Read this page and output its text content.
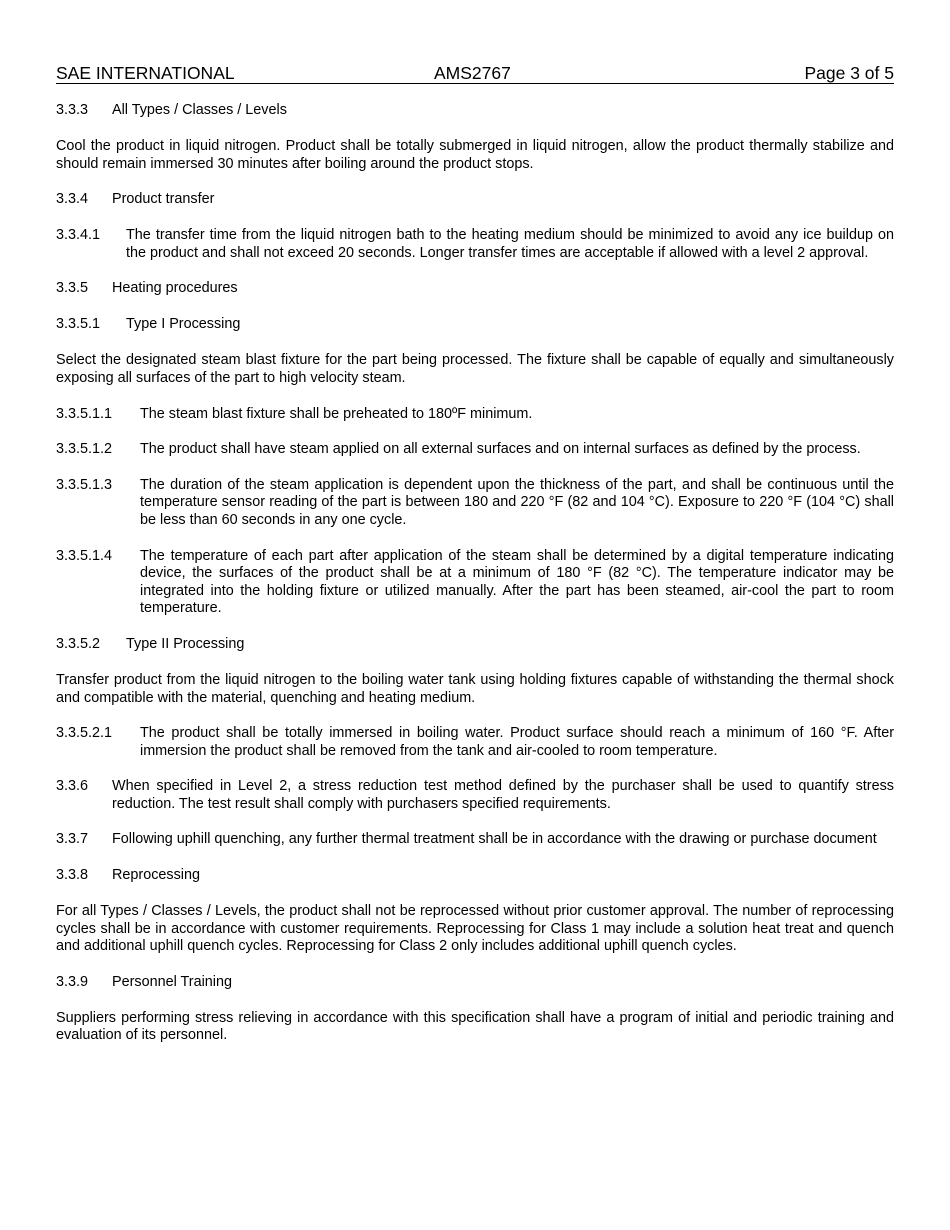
SAE INTERNATIONAL	AMS2767	Page 3 of 5
3.3.3 All Types / Classes / Levels
Cool the product in liquid nitrogen. Product shall be totally submerged in liquid nitrogen, allow the product thermally stabilize and should remain immersed 30 minutes after boiling around the product stops.
3.3.4 Product transfer
3.3.4.1 The transfer time from the liquid nitrogen bath to the heating medium should be minimized to avoid any ice buildup on the product and shall not exceed 20 seconds. Longer transfer times are acceptable if allowed with a level 2 approval.
3.3.5 Heating procedures
3.3.5.1 Type I Processing
Select the designated steam blast fixture for the part being processed. The fixture shall be capable of equally and simultaneously exposing all surfaces of the part to high velocity steam.
3.3.5.1.1 The steam blast fixture shall be preheated to 180ºF minimum.
3.3.5.1.2 The product shall have steam applied on all external surfaces and on internal surfaces as defined by the process.
3.3.5.1.3 The duration of the steam application is dependent upon the thickness of the part, and shall be continuous until the temperature sensor reading of the part is between 180 and 220 °F (82 and 104 °C). Exposure to 220 °F (104 °C) shall be less than 60 seconds in any one cycle.
3.3.5.1.4 The temperature of each part after application of the steam shall be determined by a digital temperature indicating device, the surfaces of the product shall be at a minimum of 180 °F (82 °C). The temperature indicator may be integrated into the holding fixture or utilized manually. After the part has been steamed, air-cool the part to room temperature.
3.3.5.2 Type II Processing
Transfer product from the liquid nitrogen to the boiling water tank using holding fixtures capable of withstanding the thermal shock and compatible with the material, quenching and heating medium.
3.3.5.2.1 The product shall be totally immersed in boiling water. Product surface should reach a minimum of 160 °F. After immersion the product shall be removed from the tank and air-cooled to room temperature.
3.3.6 When specified in Level 2, a stress reduction test method defined by the purchaser shall be used to quantify stress reduction. The test result shall comply with purchasers specified requirements.
3.3.7 Following uphill quenching, any further thermal treatment shall be in accordance with the drawing or purchase document
3.3.8 Reprocessing
For all Types / Classes / Levels, the product shall not be reprocessed without prior customer approval. The number of reprocessing cycles shall be in accordance with customer requirements. Reprocessing for Class 1 may include a solution heat treat and quench and additional uphill quench cycles. Reprocessing for Class 2 only includes additional uphill quench cycles.
3.3.9 Personnel Training
Suppliers performing stress relieving in accordance with this specification shall have a program of initial and periodic training and evaluation of its personnel.
